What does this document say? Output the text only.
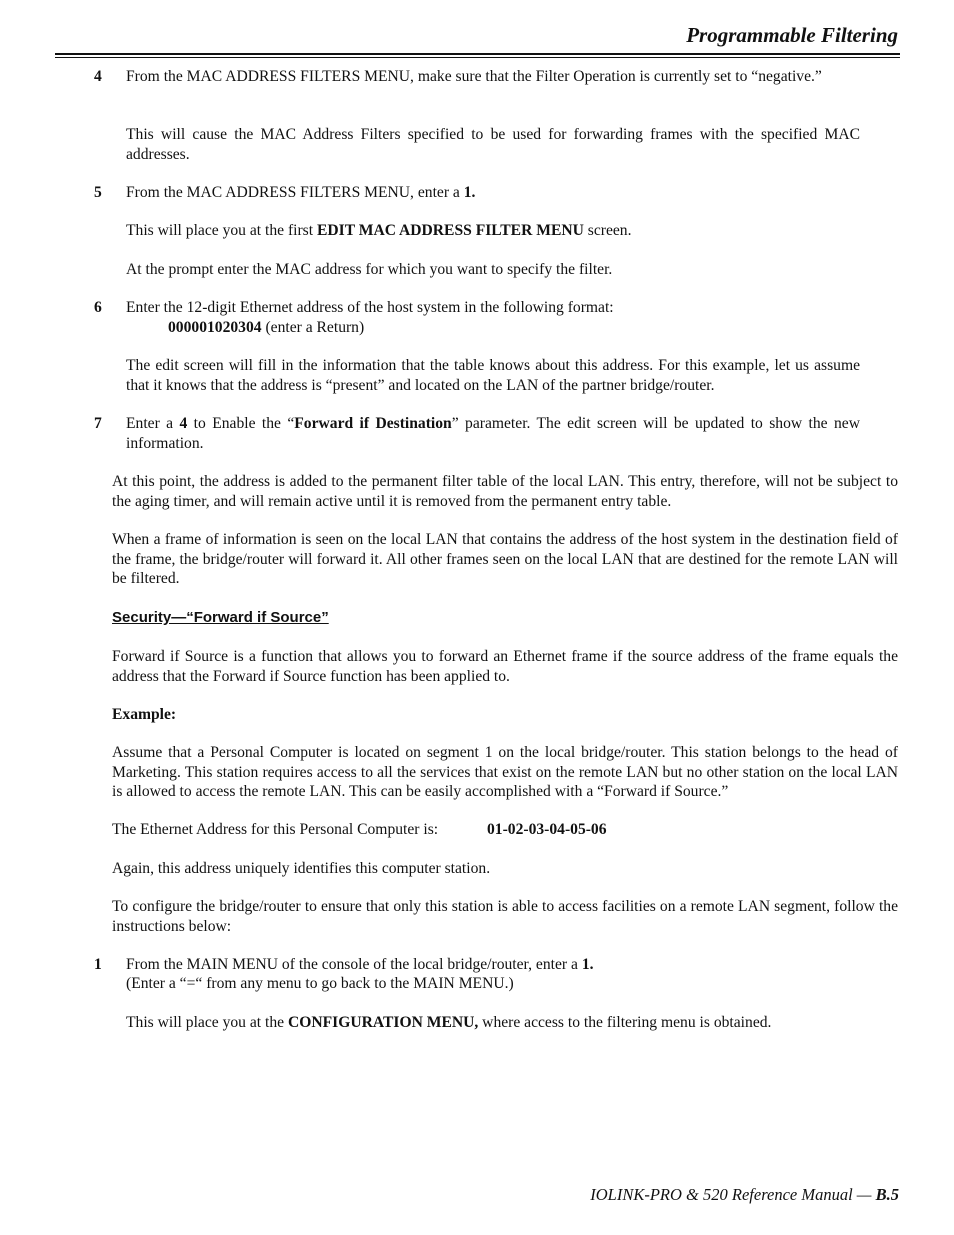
Programmable Filtering
4 From the MAC ADDRESS FILTERS MENU, make sure that the Filter Operation is currently set to “negative.”
This will cause the MAC Address Filters specified to be used for forwarding frames with the specified MAC addresses.
5 From the MAC ADDRESS FILTERS MENU, enter a 1.
This will place you at the first EDIT MAC ADDRESS FILTER MENU screen.
At the prompt enter the MAC address for which you want to specify the filter.
6 Enter the 12-digit Ethernet address of the host system in the following format:
000001020304 (enter a Return)
The edit screen will fill in the information that the table knows about this address. For this example, let us assume that it knows that the address is “present” and located on the LAN of the partner bridge/router.
7 Enter a 4 to Enable the “Forward if Destination” parameter. The edit screen will be updated to show the new information.
At this point, the address is added to the permanent filter table of the local LAN. This entry, therefore, will not be subject to the aging timer, and will remain active until it is removed from the permanent entry table.
When a frame of information is seen on the local LAN that contains the address of the host system in the destination field of the frame, the bridge/router will forward it. All other frames seen on the local LAN that are destined for the remote LAN will be filtered.
Security—“Forward if Source”
Forward if Source is a function that allows you to forward an Ethernet frame if the source address of the frame equals the address that the Forward if Source function has been applied to.
Example:
Assume that a Personal Computer is located on segment 1 on the local bridge/router. This station belongs to the head of Marketing. This station requires access to all the services that exist on the remote LAN but no other station on the local LAN is allowed to access the remote LAN. This can be easily accomplished with a “Forward if Source.”
The Ethernet Address for this Personal Computer is:	01-02-03-04-05-06
Again, this address uniquely identifies this computer station.
To configure the bridge/router to ensure that only this station is able to access facilities on a remote LAN segment, follow the instructions below:
1 From the MAIN MENU of the console of the local bridge/router, enter a 1.
(Enter a “=“ from any menu to go back to the MAIN MENU.)
This will place you at the CONFIGURATION MENU, where access to the filtering menu is obtained.
IOLINK-PRO & 520 Reference Manual — B.5
